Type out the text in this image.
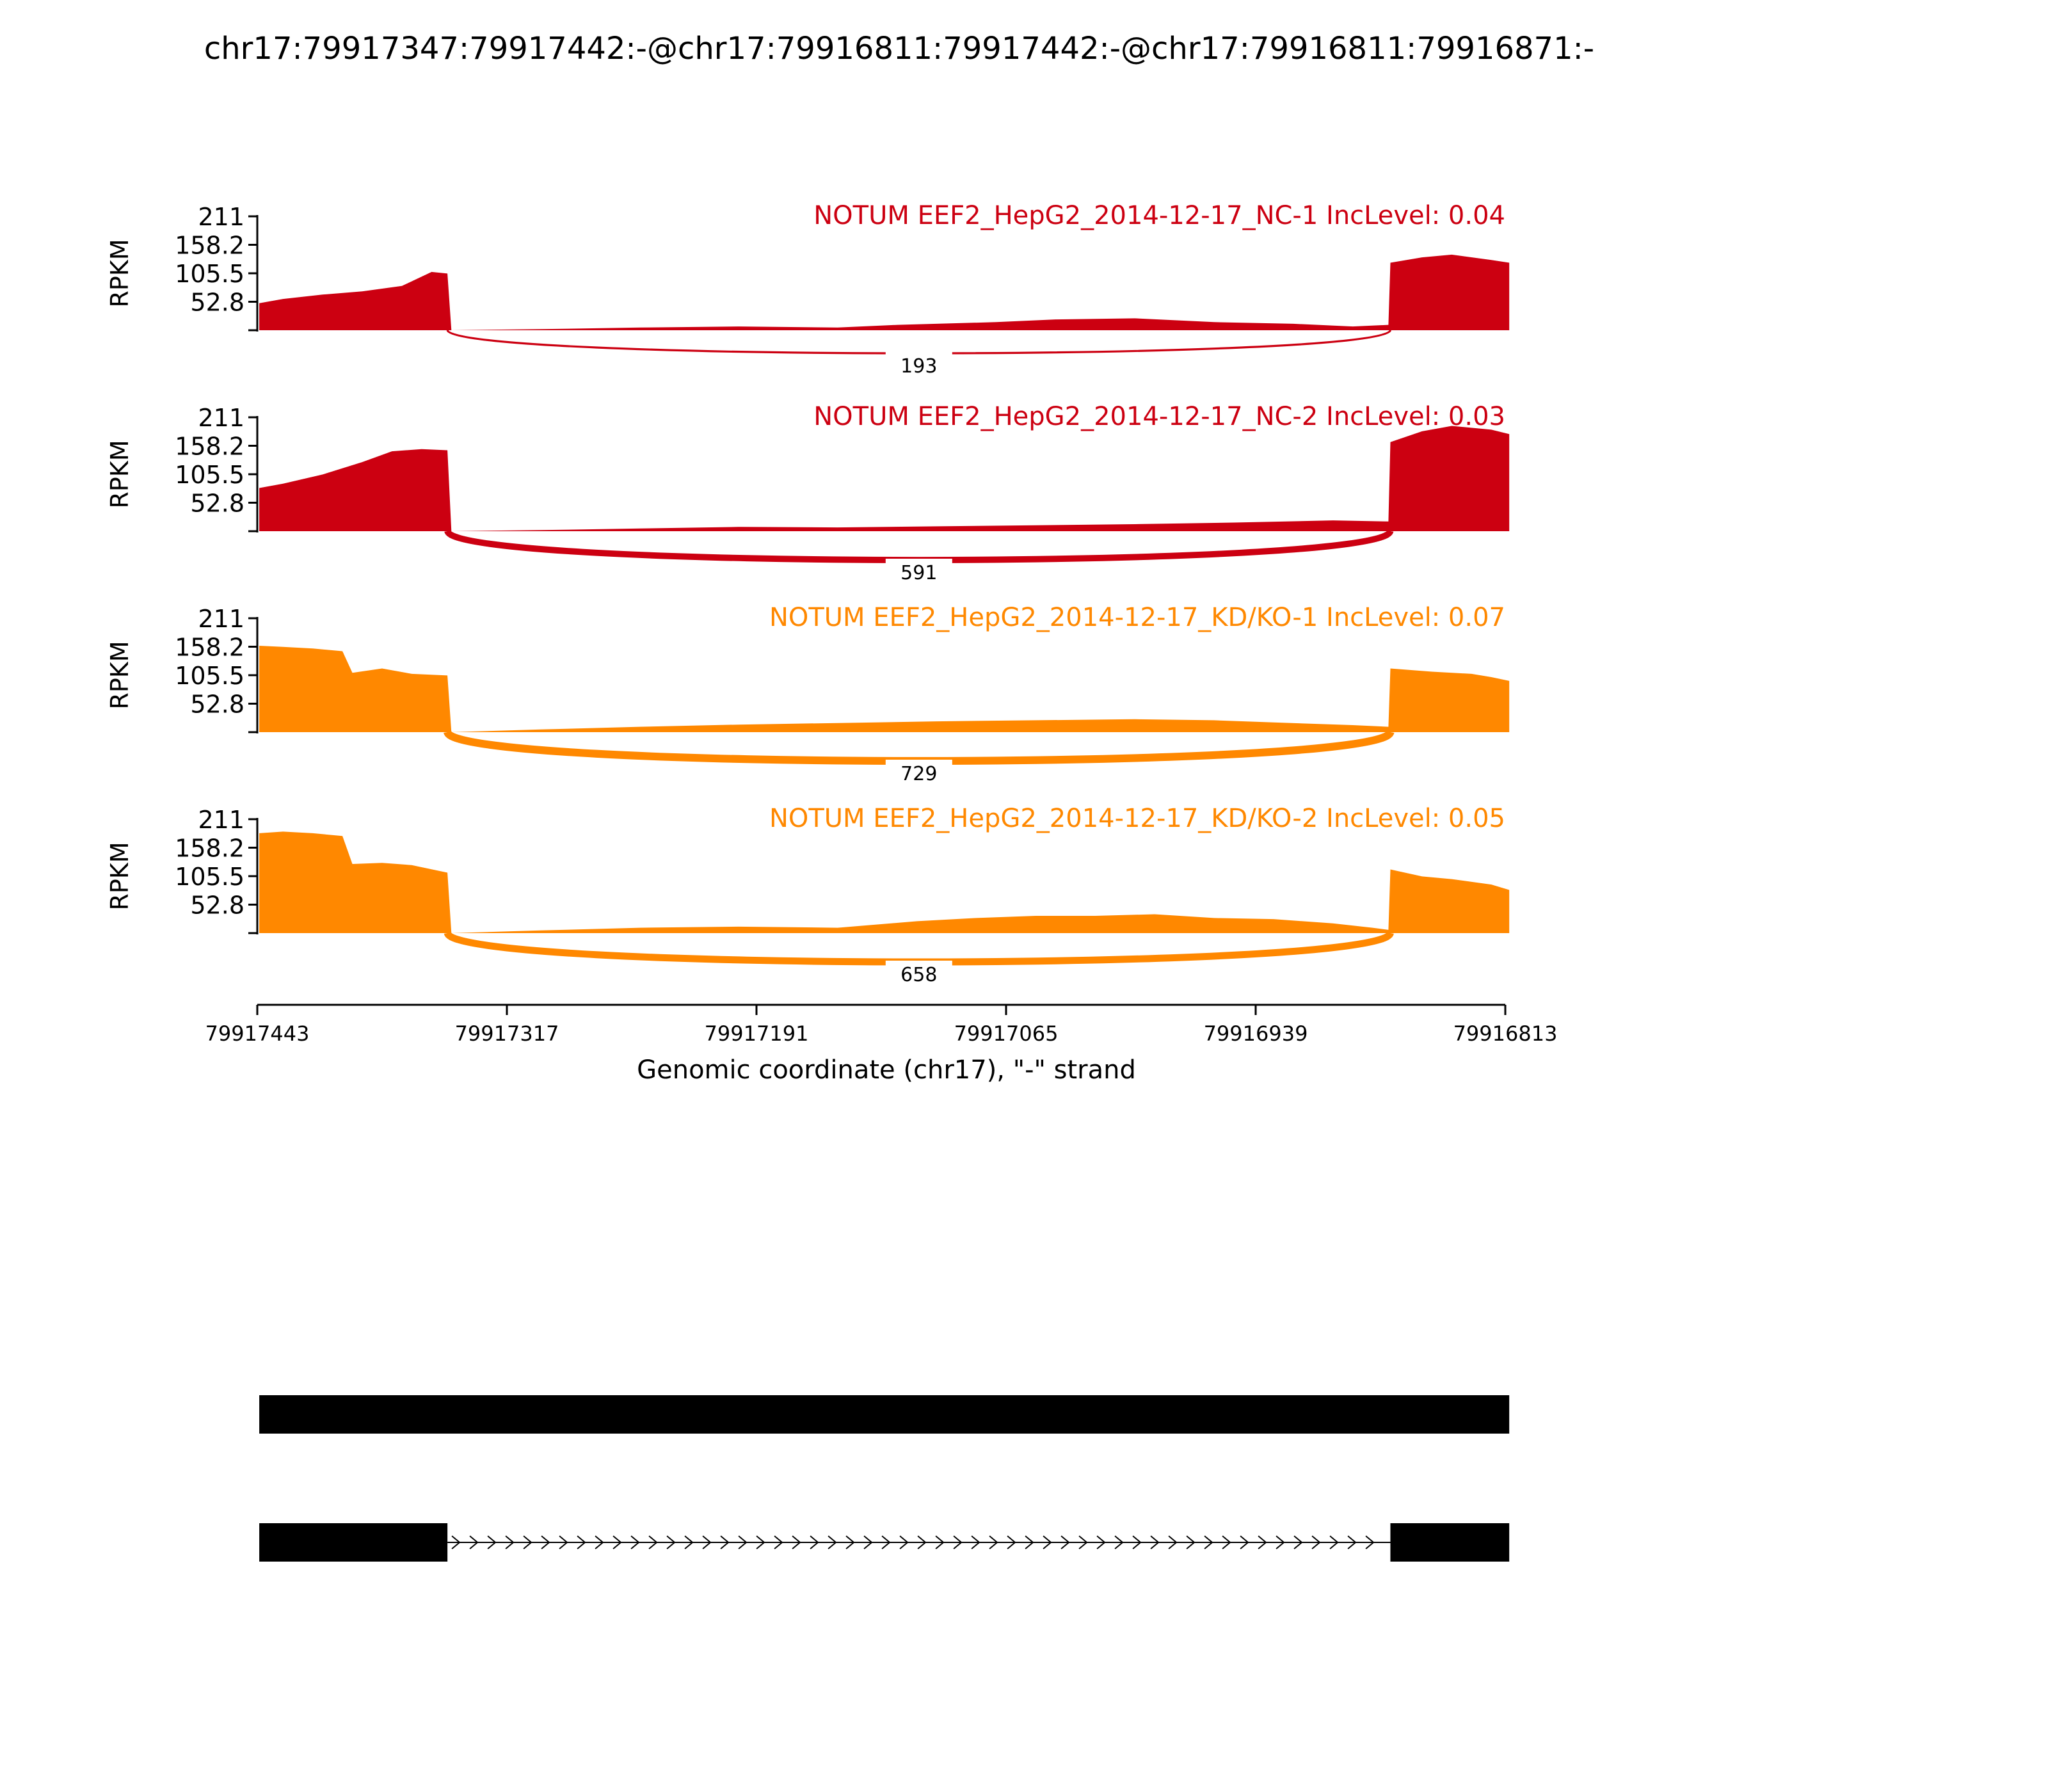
chr17:79917347:79917442:-@chr17:79916811:79917442:-@chr17:79916811:79916871:-
211
158.2
105.5
52.8
RPKM
NOTUM EEF2_HepG2_2014-12-17_NC-1 IncLevel: 0.04
193
211
158.2
105.5
52.8
RPKM
NOTUM EEF2_HepG2_2014-12-17_NC-2 IncLevel: 0.03
591
211
158.2
105.5
52.8
RPKM
NOTUM EEF2_HepG2_2014-12-17_KD/KO-1 IncLevel: 0.07
729
211
158.2
105.5
52.8
RPKM
NOTUM EEF2_HepG2_2014-12-17_KD/KO-2 IncLevel: 0.05
658
79917443	79917317	79917191	79917065	79916939	79916813
Genomic coordinate (chr17), "-" strand
